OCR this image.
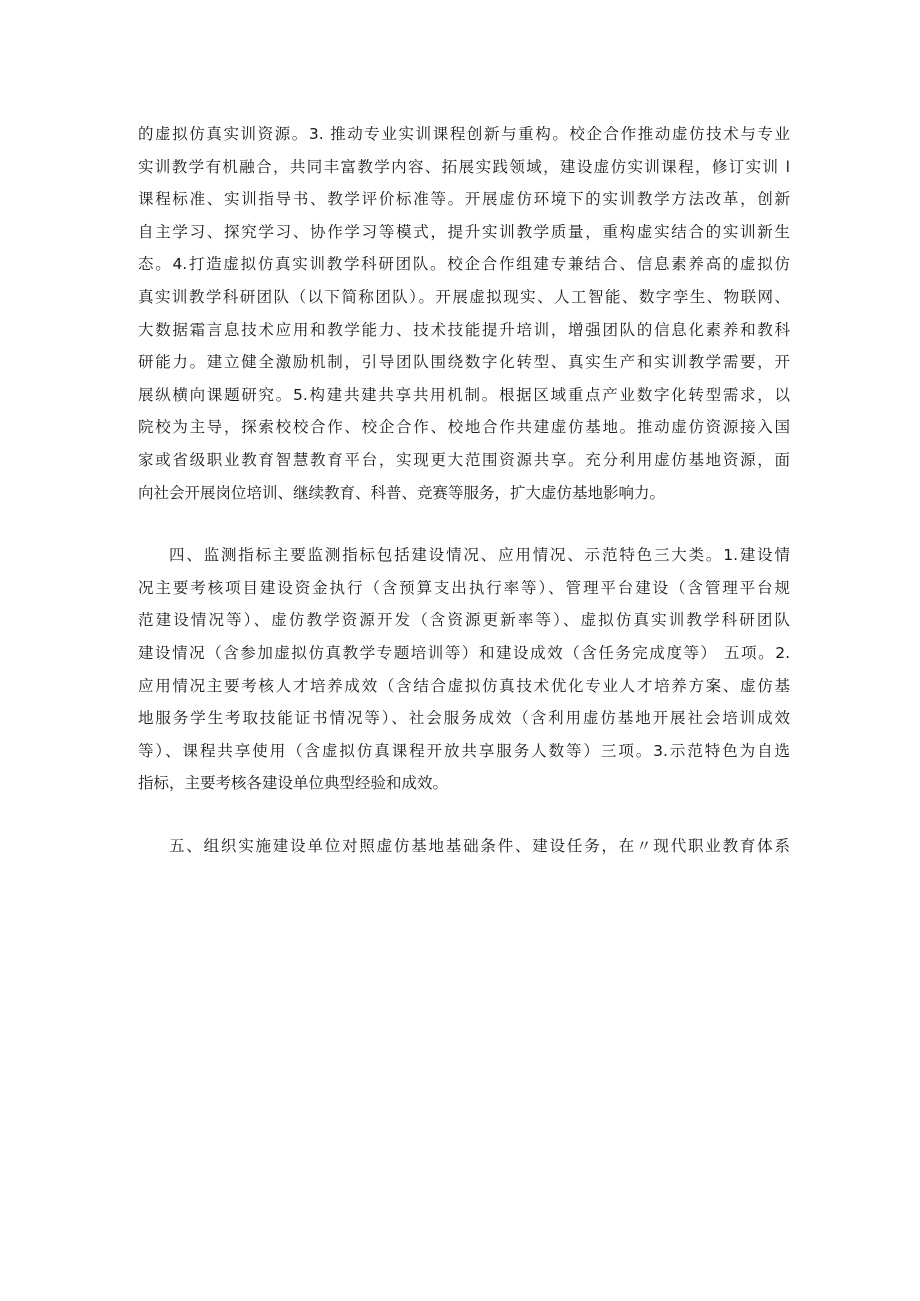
的虚拟仿真实训资源。3. 推动专业实训课程创新与重构。校企合作推动虚仿技术与专业
实训教学有机融合，共同丰富教学内容、拓展实践领域，建设虚仿实训课程，修订实训 l
课程标准、实训指导书、教学评价标准等。开展虚仿环境下的实训教学方法改革，创新
自主学习、探究学习、协作学习等模式，提升实训教学质量，重构虚实结合的实训新生
态。4.打造虚拟仿真实训教学科研团队。校企合作组建专兼结合、信息素养高的虚拟仿
真实训教学科研团队（以下简称团队）。开展虚拟现实、人工智能、数字孪生、物联网、
大数据霜言息技术应用和教学能力、技术技能提升培训，增强团队的信息化素养和教科
研能力。建立健全激励机制，引导团队围绕数字化转型、真实生产和实训教学需要，开
展纵横向课题研究。5.构建共建共享共用机制。根据区域重点产业数字化转型需求，以
院校为主导，探索校校合作、校企合作、校地合作共建虚仿基地。推动虚仿资源接入国
家或省级职业教育智慧教育平台，实现更大范围资源共享。充分利用虚仿基地资源，面
向社会开展岗位培训、继续教育、科普、竞赛等服务，扩大虚仿基地影响力。
四、监测指标主要监测指标包括建设情况、应用情况、示范特色三大类。1.建设情
况主要考核项目建设资金执行（含预算支出执行率等）、管理平台建设（含管理平台规
范建设情况等）、虚仿教学资源开发（含资源更新率等）、虚拟仿真实训教学科研团队
建设情况（含参加虚拟仿真教学专题培训等）和建设成效（含任务完成度等） 五项。2.
应用情况主要考核人才培养成效（含结合虚拟仿真技术优化专业人才培养方案、虚仿基
地服务学生考取技能证书情况等）、社会服务成效（含利用虚仿基地开展社会培训成效
等）、课程共享使用（含虚拟仿真课程开放共享服务人数等）三项。3.示范特色为自选
指标，主要考核各建设单位典型经验和成效。
五、组织实施建设单位对照虚仿基地基础条件、建设任务，在〃现代职业教育体系
